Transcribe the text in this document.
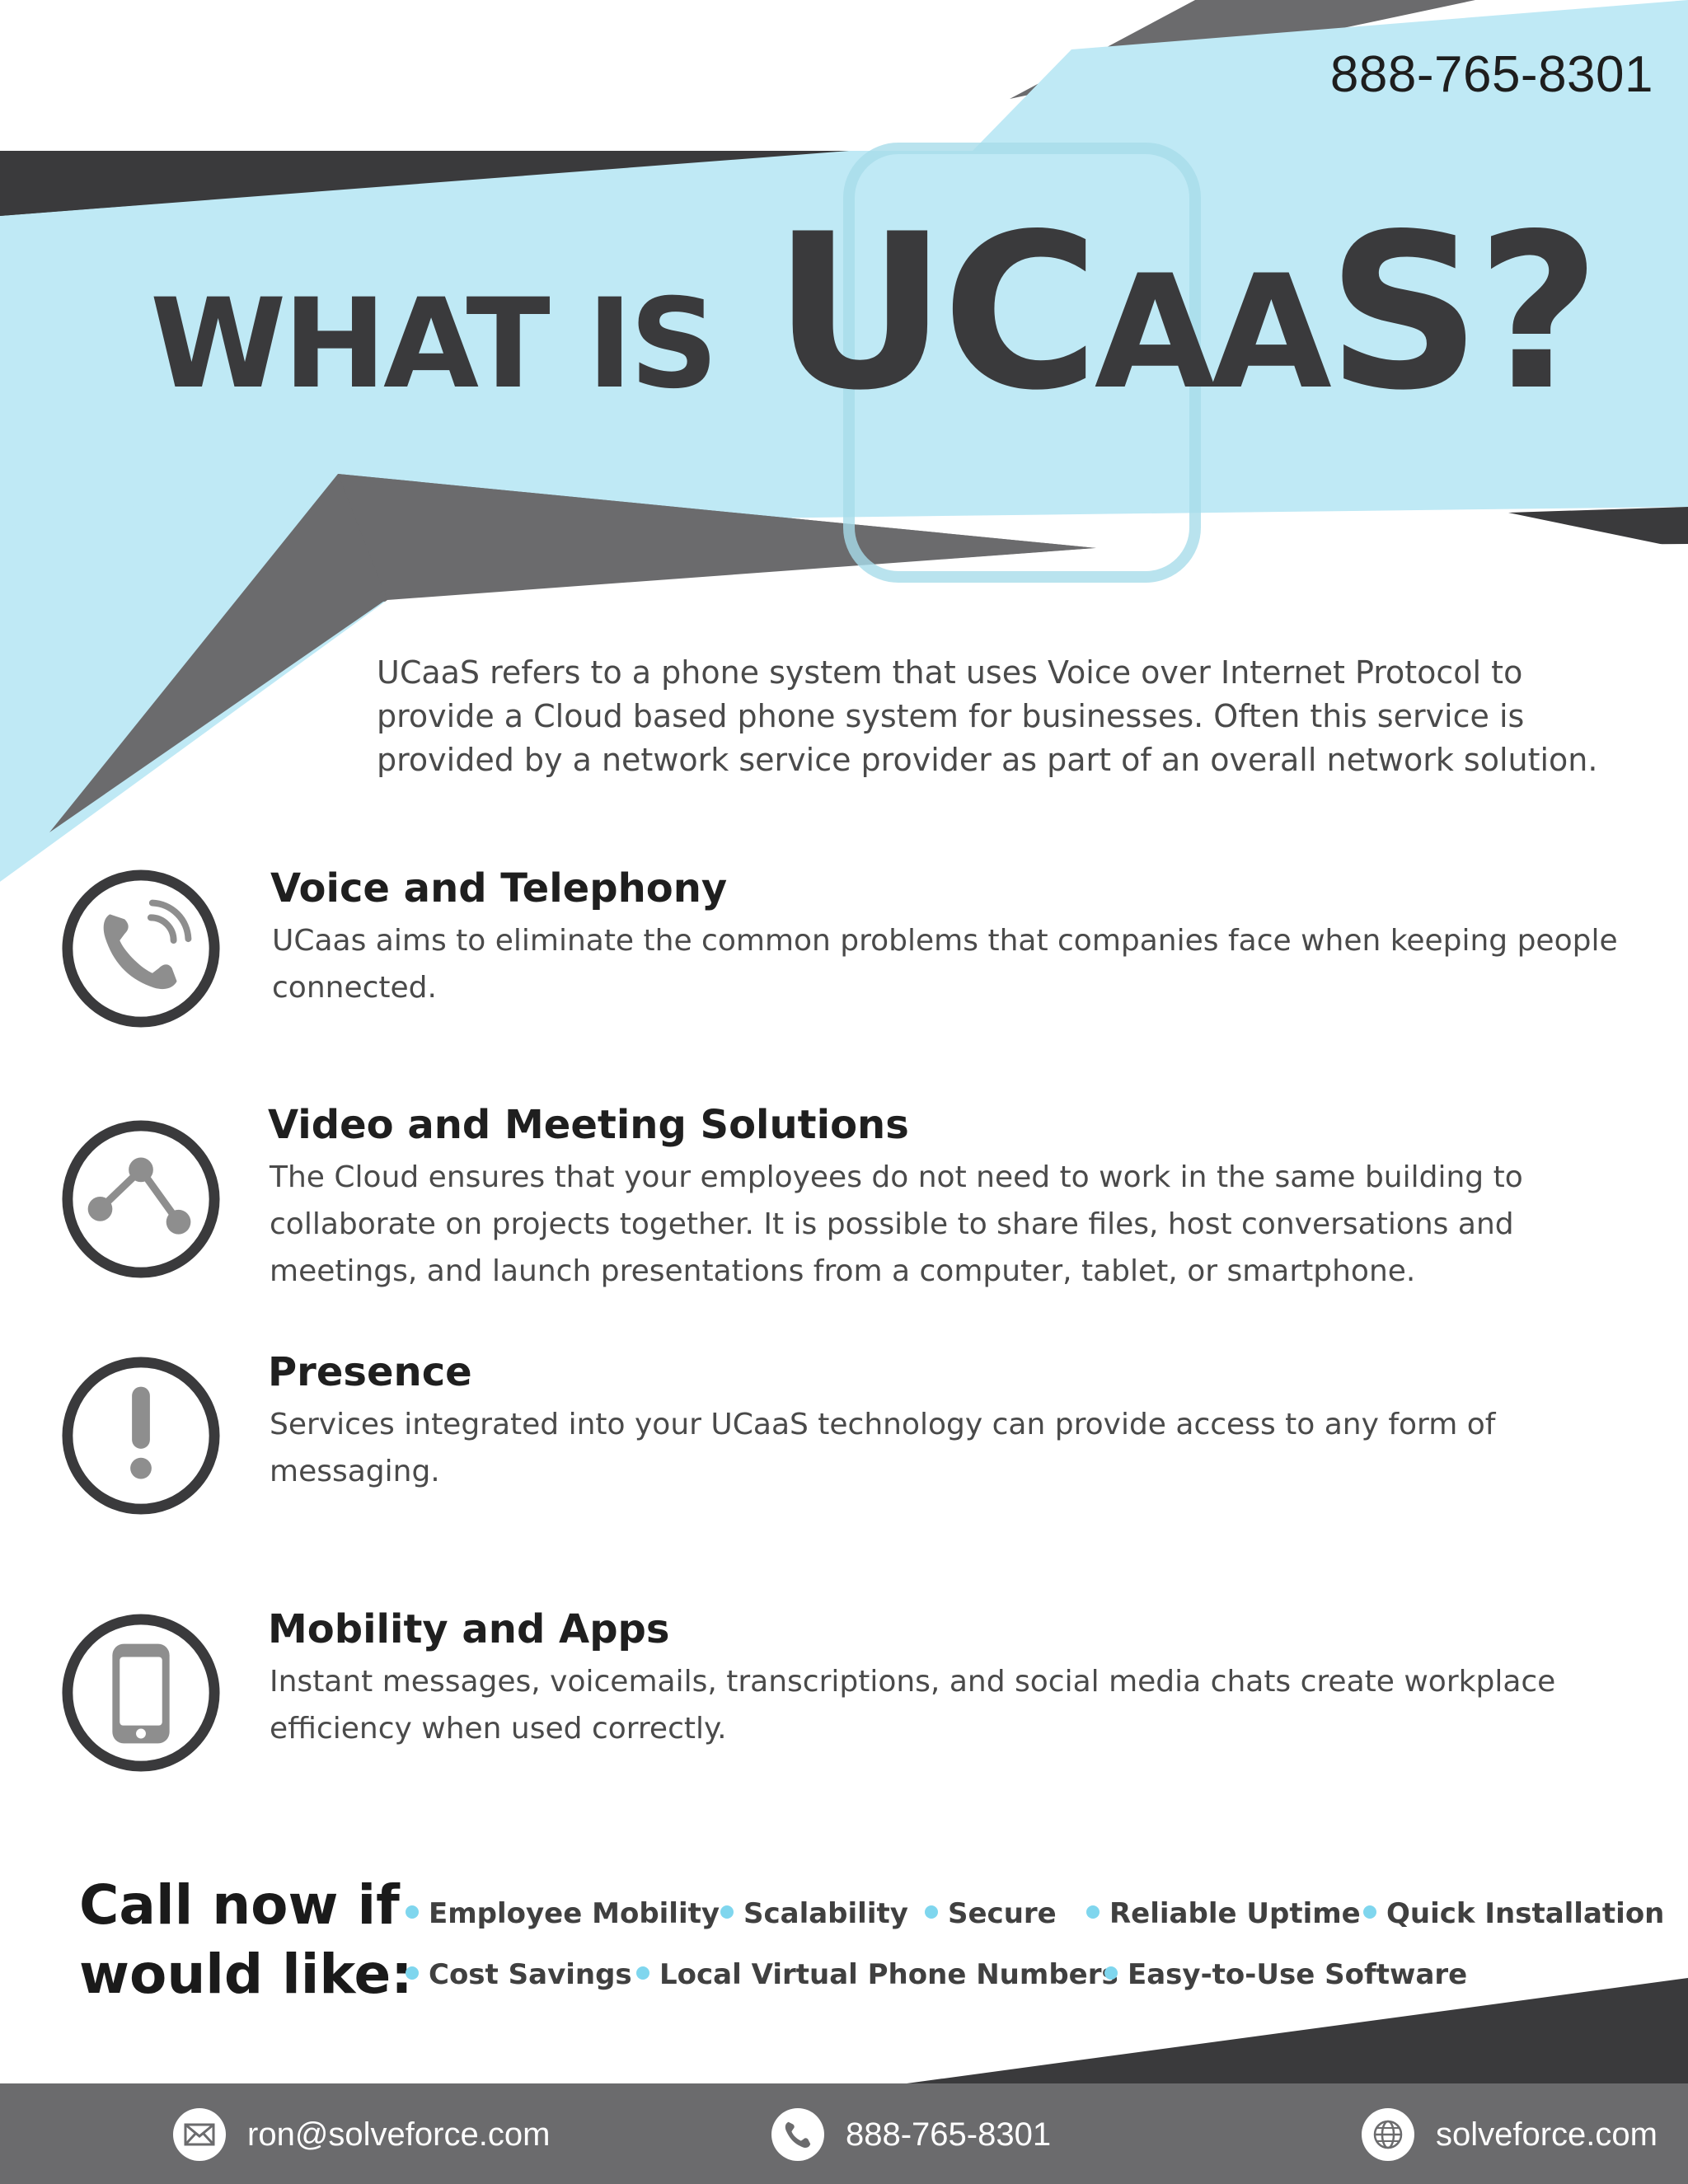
888-765-8301
WHAT IS UCAAS?
UCaaS refers to a phone system that uses Voice over Internet Protocol to provide a Cloud based phone system for businesses. Often this service is provided by a network service provider as part of an overall network solution.
Voice and Telephony
UCaas aims to eliminate the common problems that companies face when keeping people connected.
Video and Meeting Solutions
The Cloud ensures that your employees do not need to work in the same building to collaborate on projects together. It is possible to share files, host conversations and meetings, and launch presentations from a computer, tablet, or smartphone.
Presence
Services integrated into your UCaaS technology can provide access to any form of messaging.
Mobility and Apps
Instant messages, voicemails, transcriptions, and social media chats create workplace efficiency when used correctly.
Call now if
would like:
Employee Mobility Scalability	Secure	Reliable Uptime Quick Installation
Cost Savings Local Virtual Phone Numbers Easy-to-Use Software
ron@solveforce.com	888-765-8301	solveforce.com
